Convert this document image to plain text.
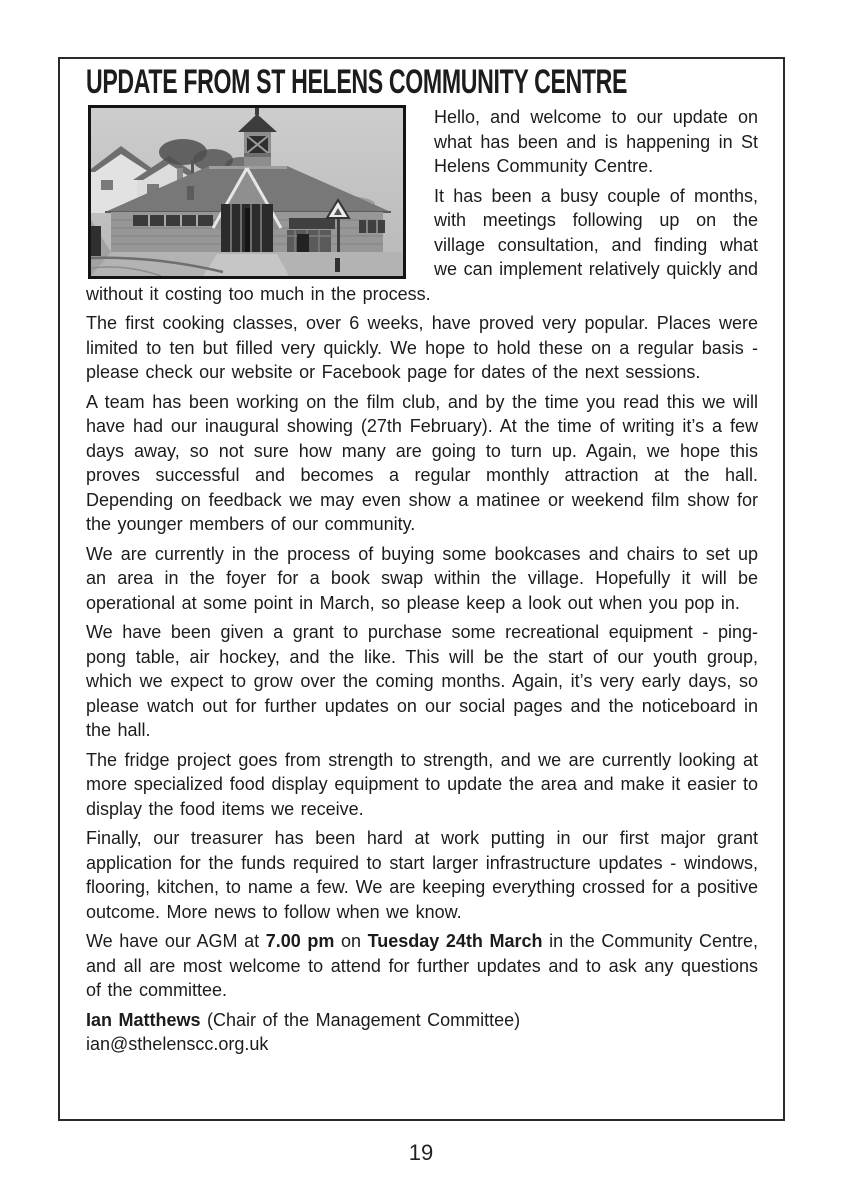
UPDATE FROM ST HELENS COMMUNITY CENTRE

Hello, and welcome to our update on what has been and is happening in St Helens Community Centre.

It has been a busy couple of months, with meetings following up on the village consultation, and finding what we can implement relatively quickly and without it costing too much in the process.

The first cooking classes, over 6 weeks, have proved very popular. Places were limited to ten but filled very quickly. We hope to hold these on a regular basis - please check our website or Facebook page for dates of the next sessions.

A team has been working on the film club, and by the time you read this we will have had our inaugural showing (27th February). At the time of writing it’s a few days away, so not sure how many are going to turn up. Again, we hope this proves successful and becomes a regular monthly attraction at the hall. Depending on feedback we may even show a matinee or weekend film show for the younger members of our community.

We are currently in the process of buying some bookcases and chairs to set up an area in the foyer for a book swap within the village. Hopefully it will be operational at some point in March, so please keep a look out when you pop in.

We have been given a grant to purchase some recreational equipment - ping-pong table, air hockey, and the like. This will be the start of our youth group, which we expect to grow over the coming months. Again, it’s very early days, so please watch out for further updates on our social pages and the noticeboard in the hall.

The fridge project goes from strength to strength, and we are currently looking at more specialized food display equipment to update the area and make it easier to display the food items we receive.

Finally, our treasurer has been hard at work putting in our first major grant application for the funds required to start larger infrastructure updates - windows, flooring, kitchen, to name a few. We are keeping everything crossed for a positive outcome. More news to follow when we know.

We have our AGM at 7.00 pm on Tuesday 24th March in the Community Centre, and all are most welcome to attend for further updates and to ask any questions of the committee.

Ian Matthews (Chair of the Management Committee)
ian@sthelenscc.org.uk

19
